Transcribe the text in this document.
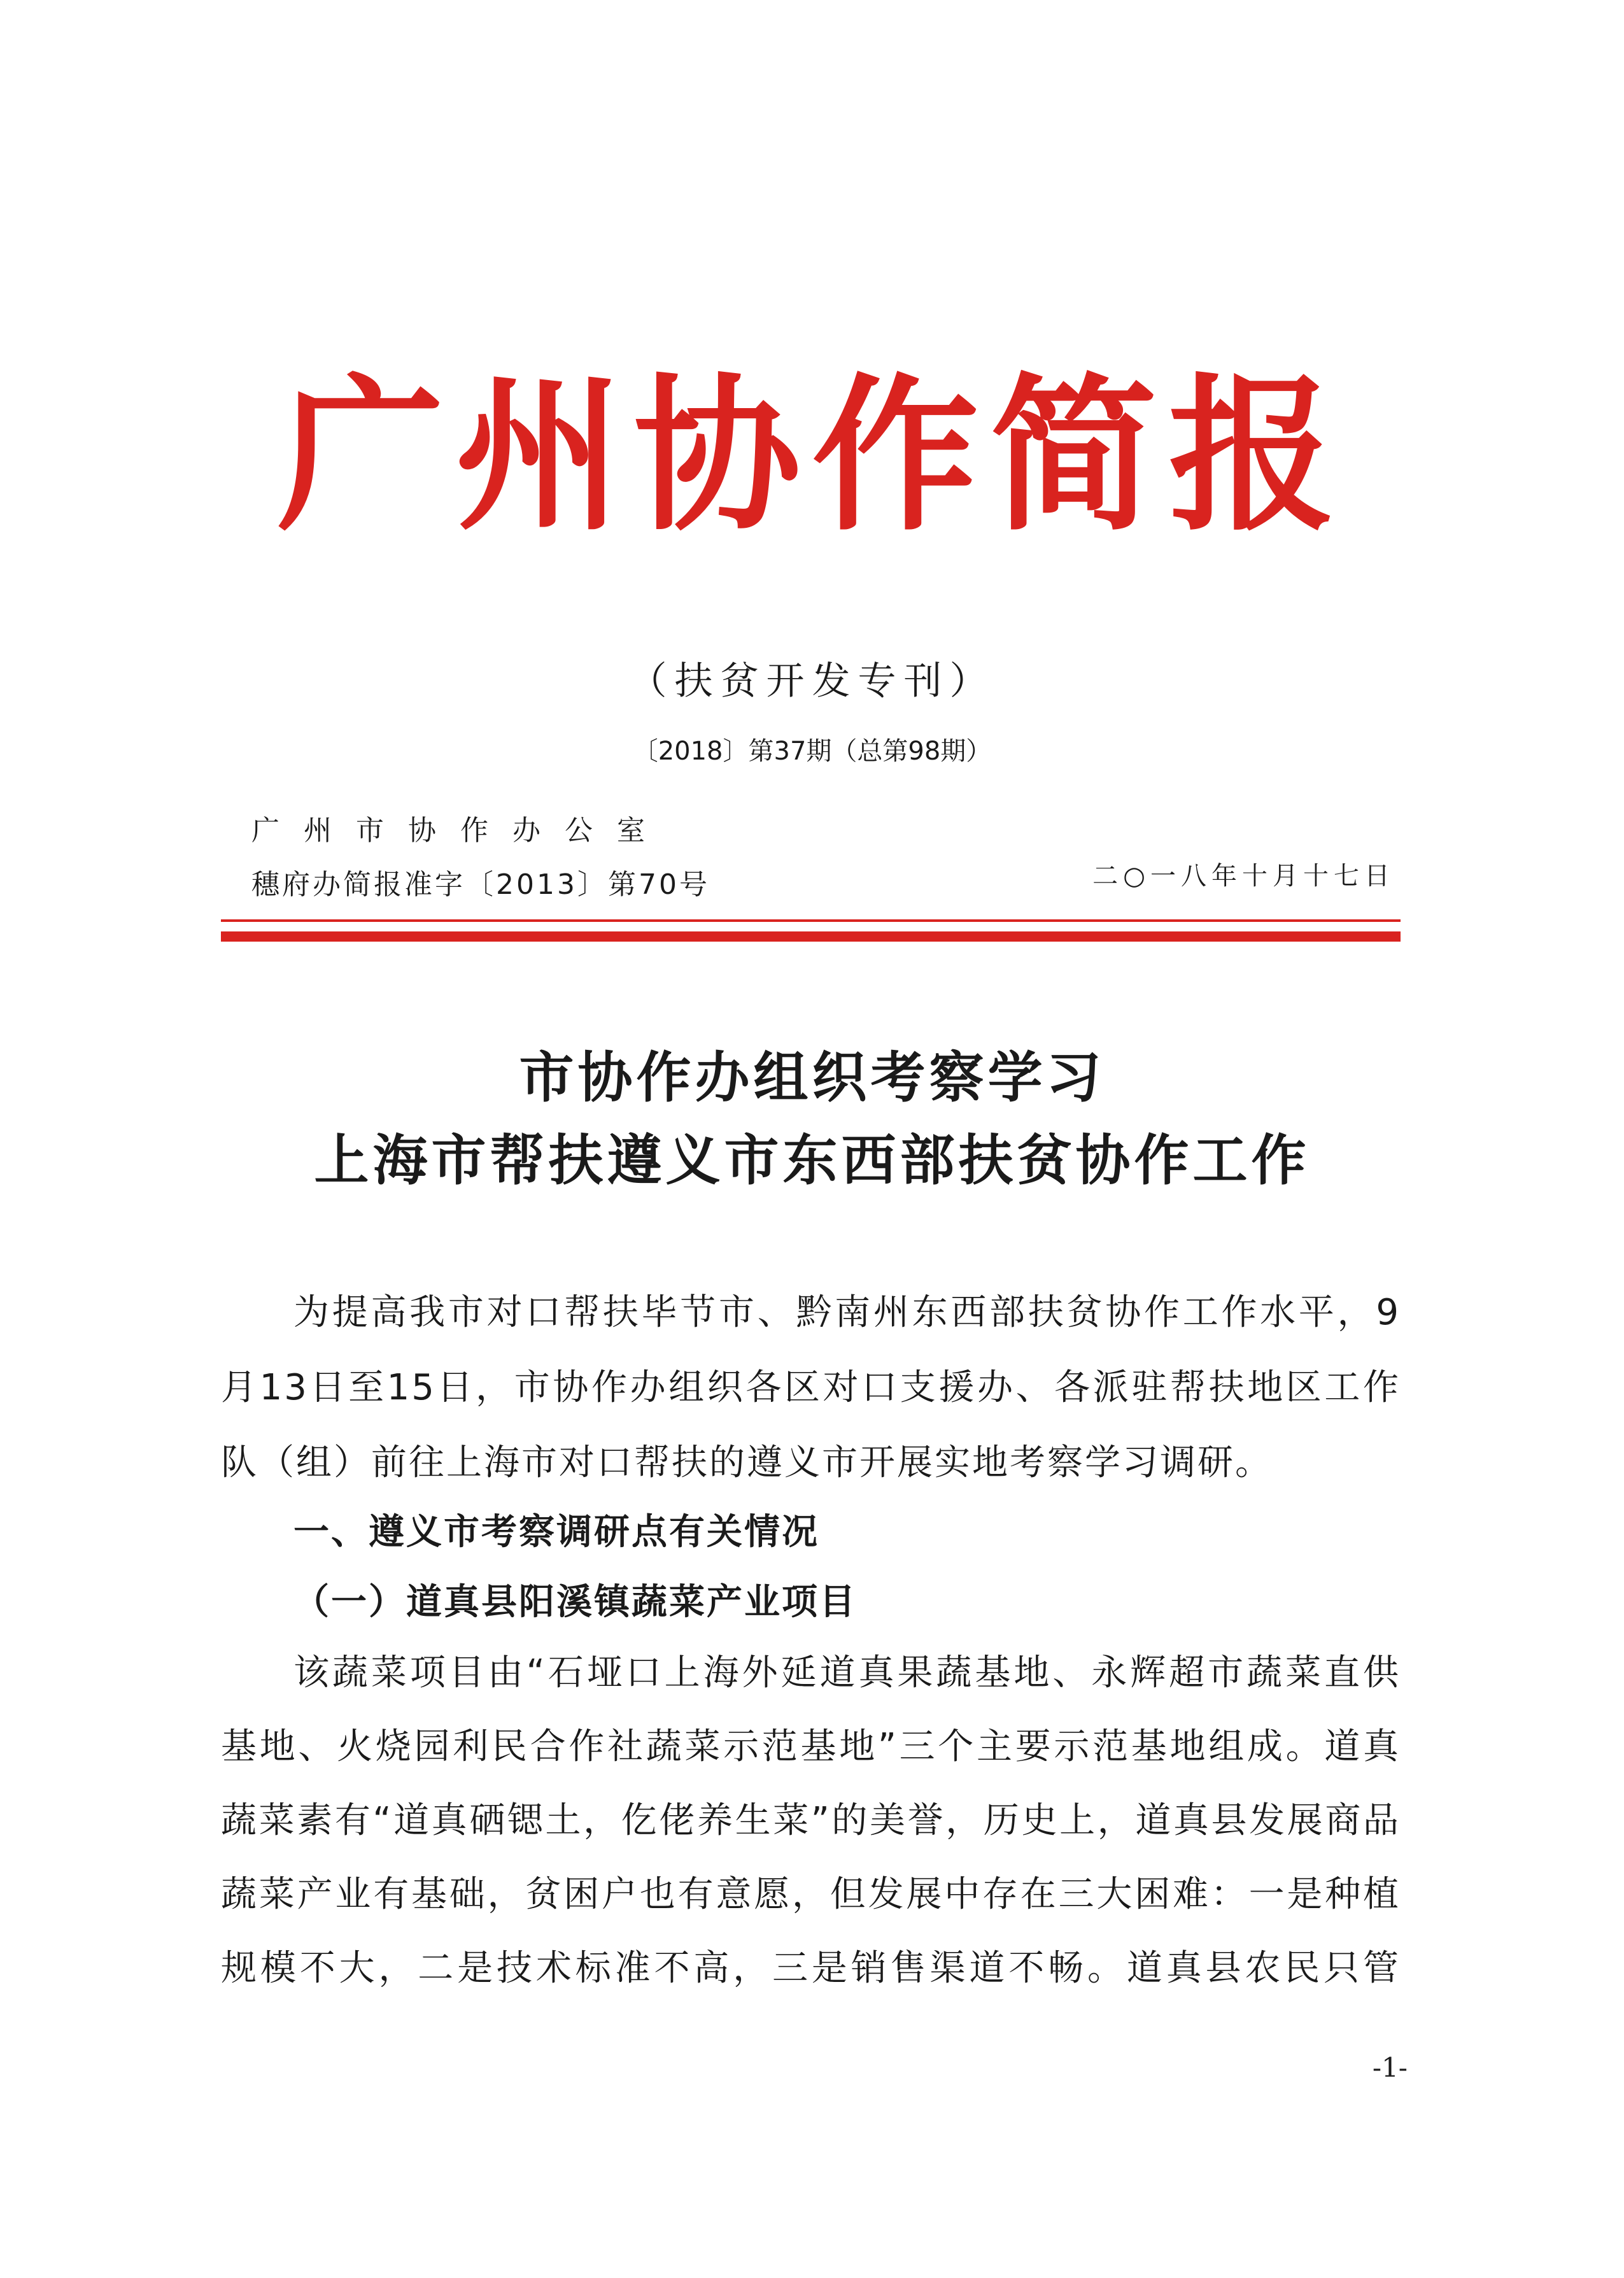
广州协作简报
（扶贫开发专刊）
〔2018〕第37期（总第98期）
广州市协作办公室
穗府办简报准字〔2013〕第70号	二○一八年十月十七日
市协作办组织考察学习
上海市帮扶遵义市东西部扶贫协作工作
为提高我市对口帮扶毕节市、黔南州东西部扶贫协作工作水平，9月13日至15日，市协作办组织各区对口支援办、各派驻帮扶地区工作队（组）前往上海市对口帮扶的遵义市开展实地考察学习调研。
一、遵义市考察调研点有关情况
（一）道真县阳溪镇蔬菜产业项目
该蔬菜项目由“石垭口上海外延道真果蔬基地、永辉超市蔬菜直供基地、火烧园利民合作社蔬菜示范基地”三个主要示范基地组成。道真蔬菜素有“道真硒锶土，仡佬养生菜”的美誉，历史上，道真县发展商品蔬菜产业有基础，贫困户也有意愿，但发展中存在三大困难：一是种植规模不大，二是技术标准不高，三是销售渠道不畅。道真县农民只管
-1-
